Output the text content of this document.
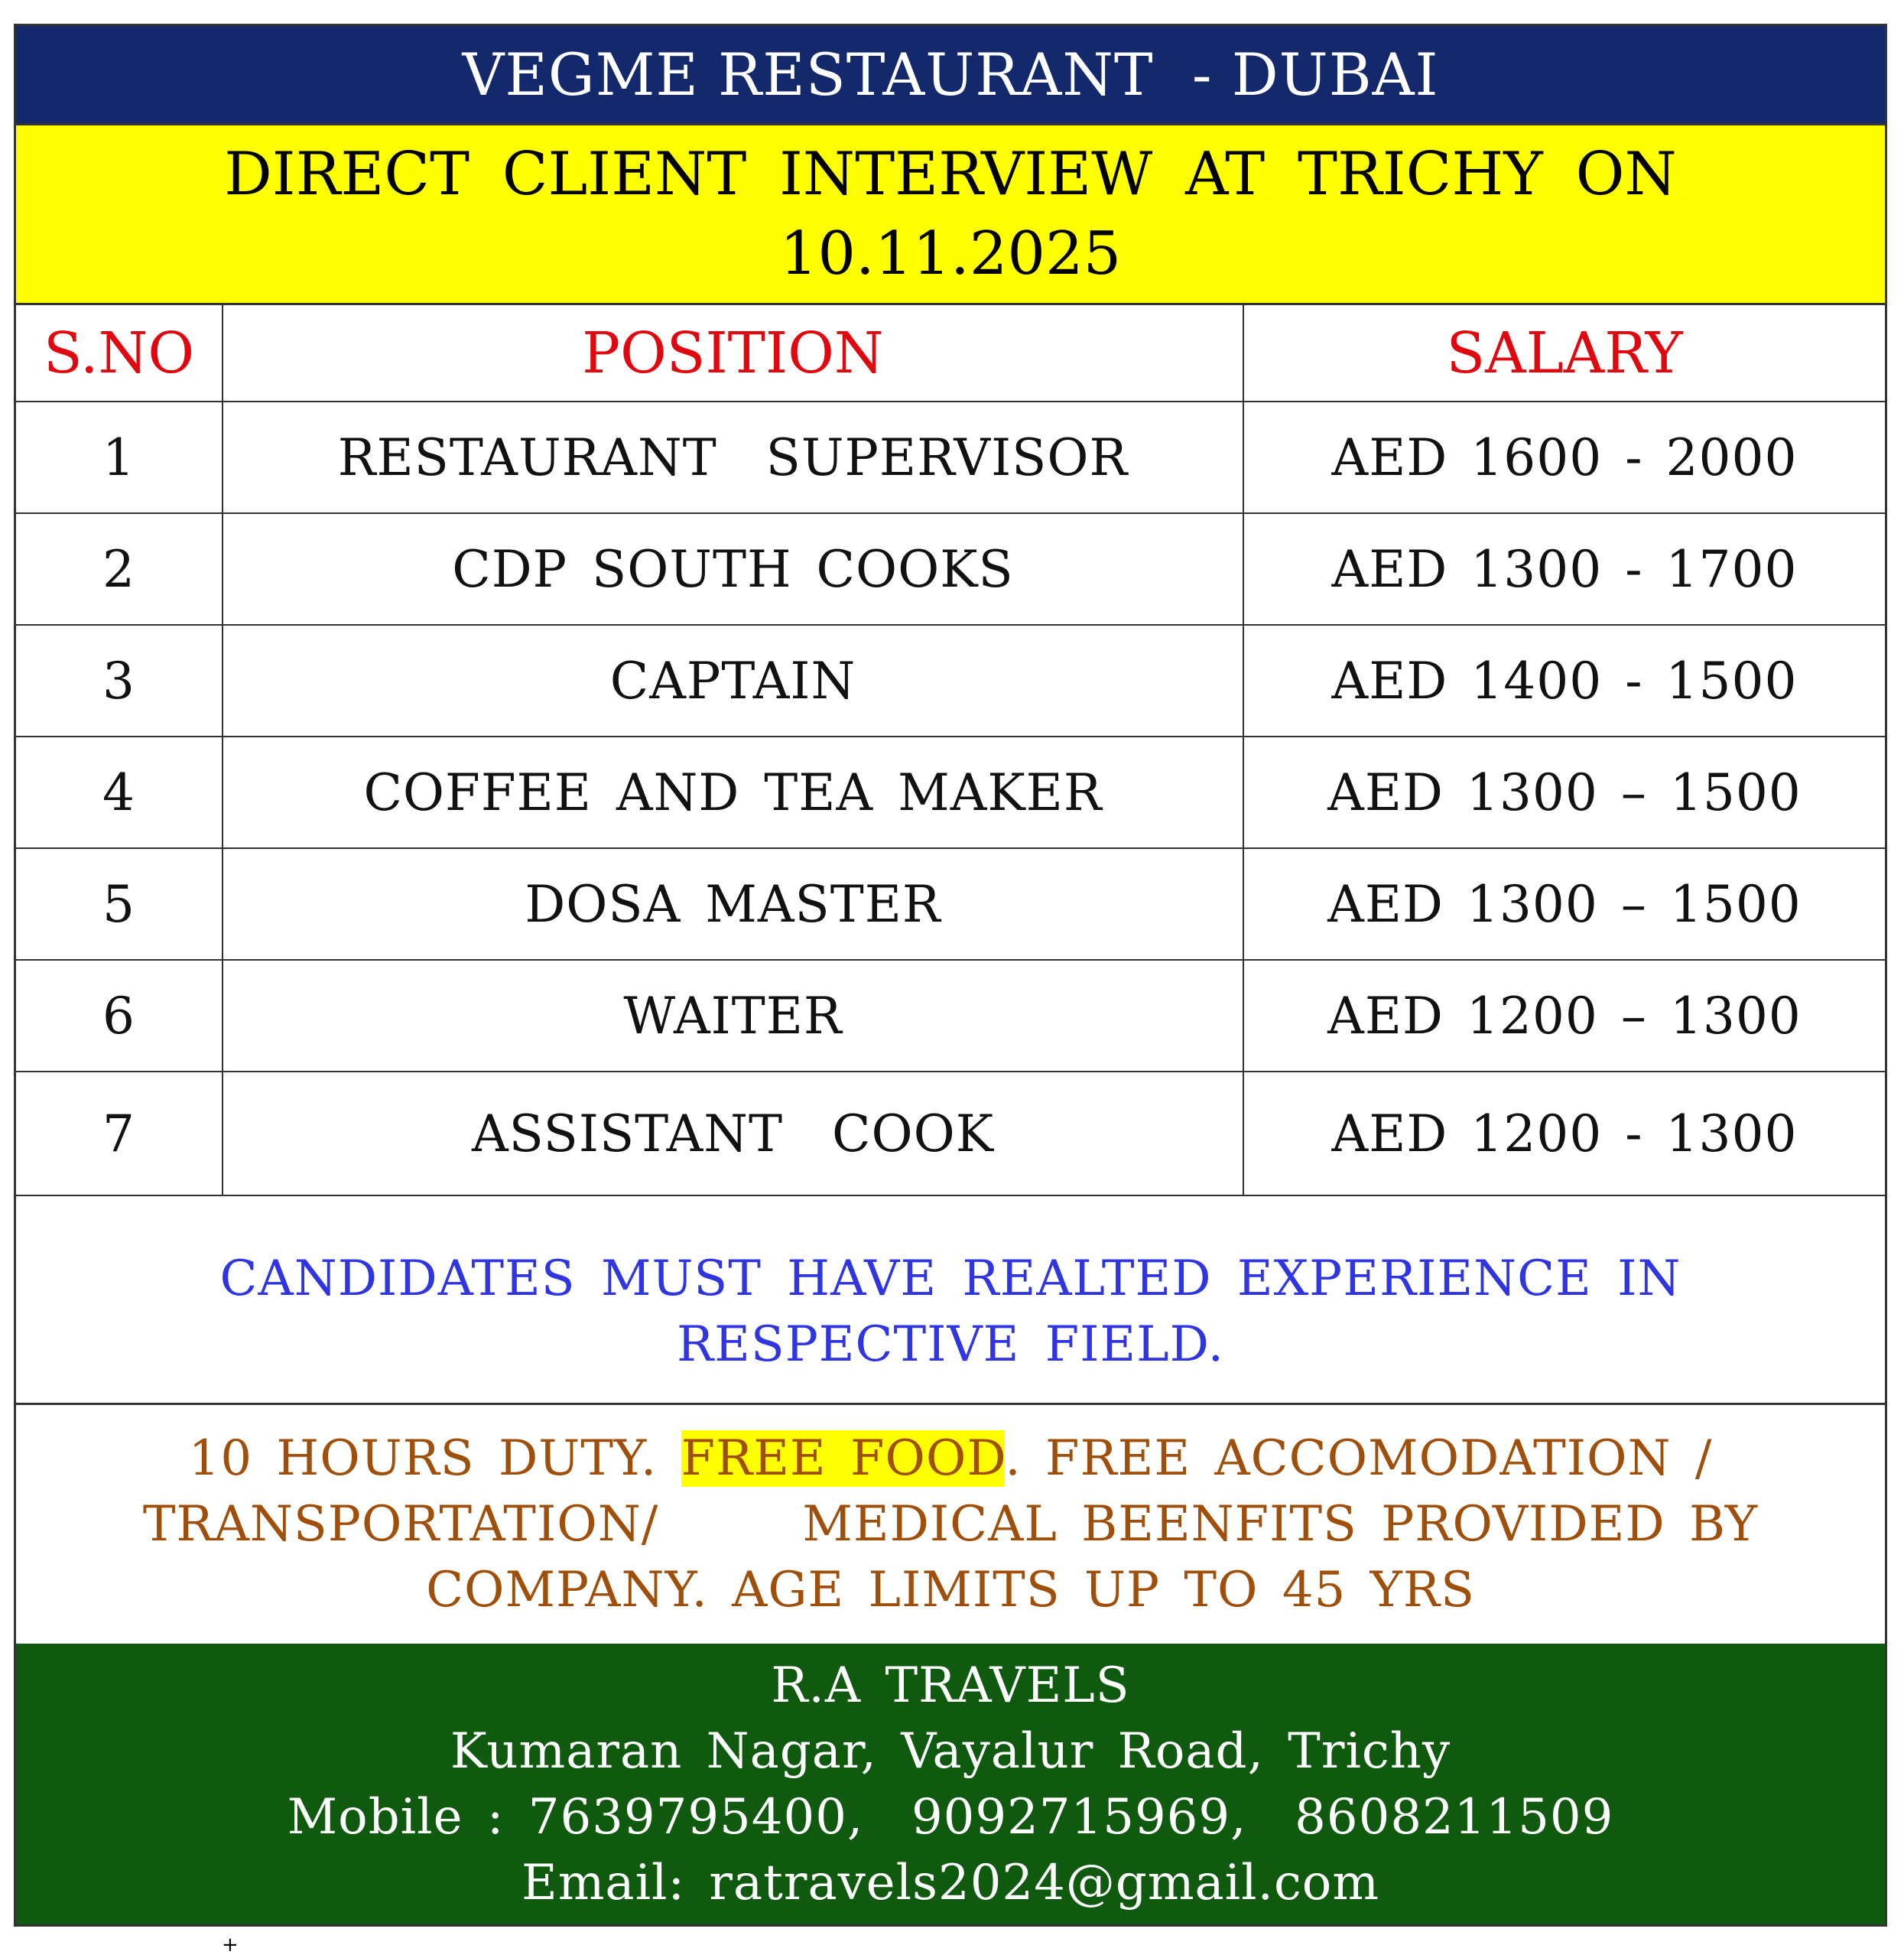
VEGME RESTAURANT  - DUBAI
DIRECT CLIENT INTERVIEW AT TRICHY ON
10.11.2025
S.NO	POSITION	SALARY
1	RESTAURANT  SUPERVISOR	AED 1600 - 2000
2	CDP SOUTH COOKS	AED 1300 - 1700
3	CAPTAIN	AED 1400 - 1500
4	COFFEE AND TEA MAKER	AED 1300 – 1500
5	DOSA MASTER	AED 1300 – 1500
6	WAITER	AED 1200 – 1300
7	ASSISTANT  COOK	AED 1200 - 1300
CANDIDATES MUST HAVE REALTED EXPERIENCE IN
RESPECTIVE FIELD.
10 HOURS DUTY. FREE FOOD. FREE ACCOMODATION /
TRANSPORTATION/      MEDICAL BEENFITS PROVIDED BY
COMPANY. AGE LIMITS UP TO 45 YRS
R.A TRAVELS
Kumaran Nagar, Vayalur Road, Trichy
Mobile : 7639795400,  9092715969,  8608211509
Email: ratravels2024@gmail.com
+
